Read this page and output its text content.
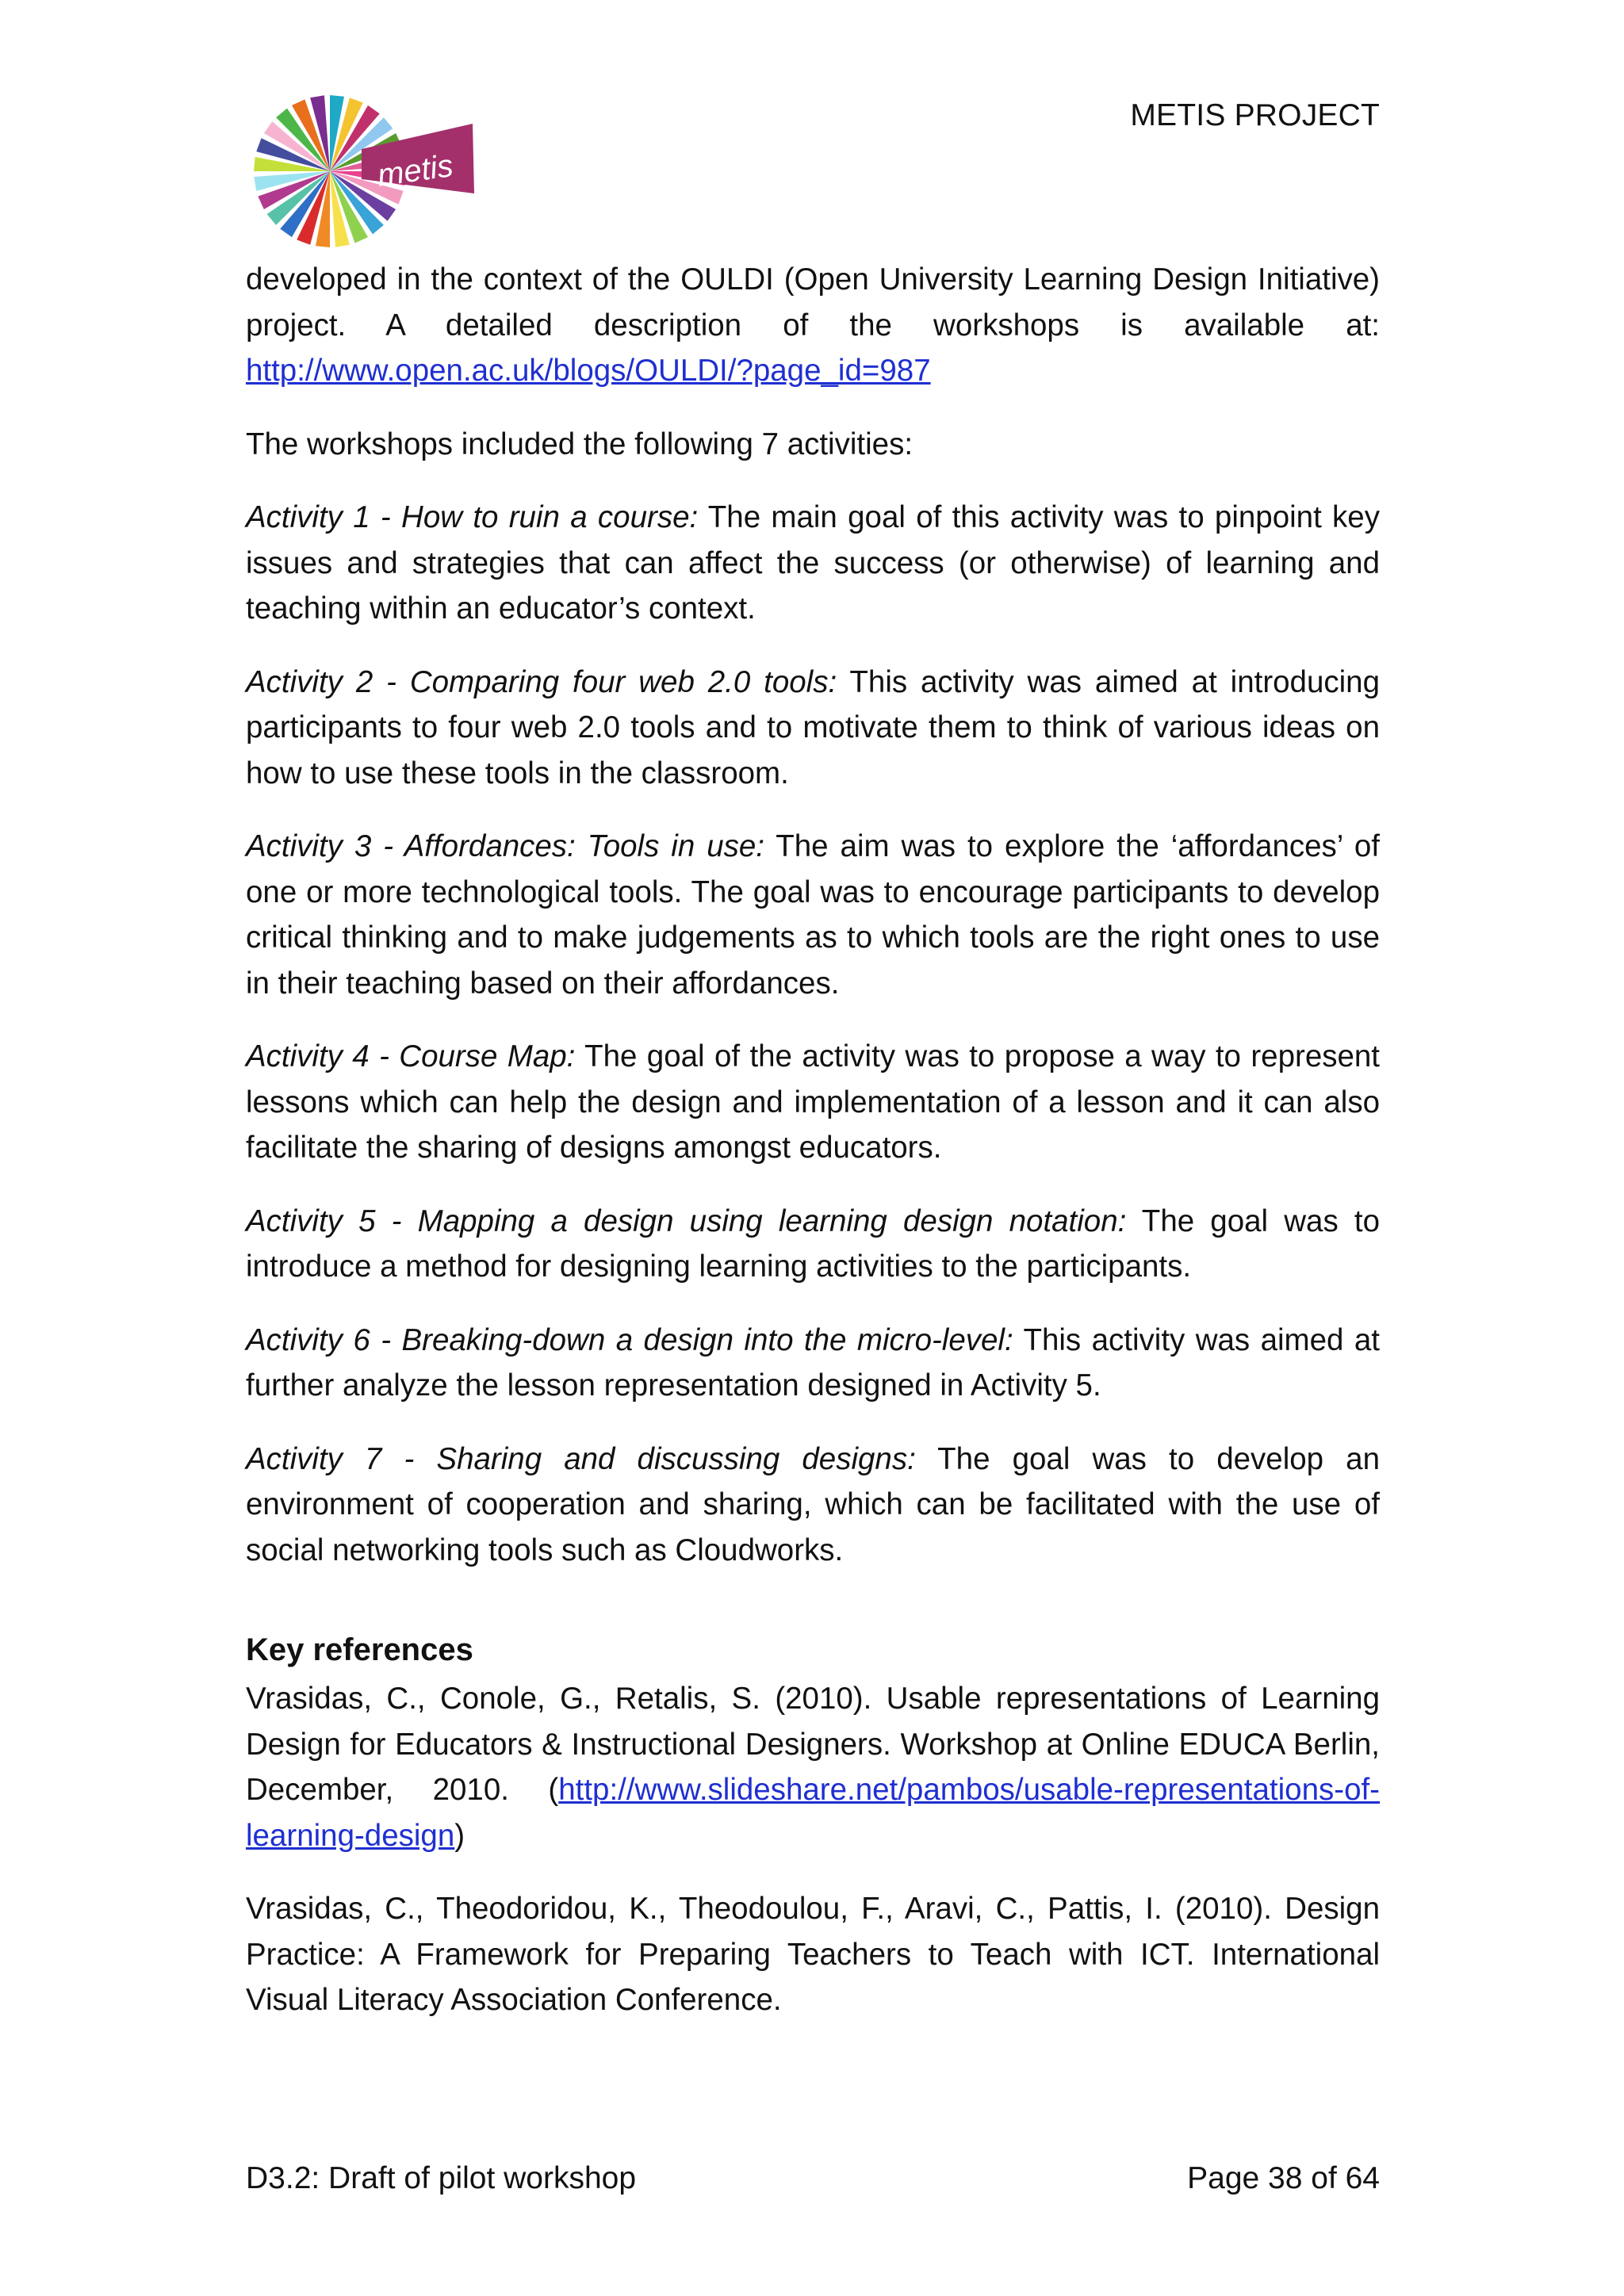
metis
METIS PROJECT

developed in the context of the OULDI (Open University Learning Design Initiative) project. A detailed description of the workshops is available at: http://www.open.ac.uk/blogs/OULDI/?page_id=987

The workshops included the following 7 activities:

Activity 1 - How to ruin a course: The main goal of this activity was to pinpoint key issues and strategies that can affect the success (or otherwise) of learning and teaching within an educator’s context.

Activity 2 - Comparing four web 2.0 tools: This activity was aimed at introducing participants to four web 2.0 tools and to motivate them to think of various ideas on how to use these tools in the classroom.

Activity 3 - Affordances: Tools in use: The aim was to explore the ‘affordances’ of one or more technological tools. The goal was to encourage participants to develop critical thinking and to make judgements as to which tools are the right ones to use in their teaching based on their affordances.

Activity 4 - Course Map: The goal of the activity was to propose a way to represent lessons which can help the design and implementation of a lesson and it can also facilitate the sharing of designs amongst educators.

Activity 5 - Mapping a design using learning design notation: The goal was to introduce a method for designing learning activities to the participants.

Activity 6 - Breaking-down a design into the micro-level: This activity was aimed at further analyze the lesson representation designed in Activity 5.

Activity 7 - Sharing and discussing designs: The goal was to develop an environment of cooperation and sharing, which can be facilitated with the use of social networking tools such as Cloudworks.

Key references

Vrasidas, C., Conole, G., Retalis, S. (2010). Usable representations of Learning Design for Educators & Instructional Designers. Workshop at Online EDUCA Berlin, December, 2010. (http://www.slideshare.net/pambos/usable-representations-of-learning-design)

Vrasidas, C., Theodoridou, K., Theodoulou, F., Aravi, C., Pattis, I. (2010). Design Practice: A Framework for Preparing Teachers to Teach with ICT. International Visual Literacy Association Conference.

D3.2: Draft of pilot workshop	Page 38 of 64
